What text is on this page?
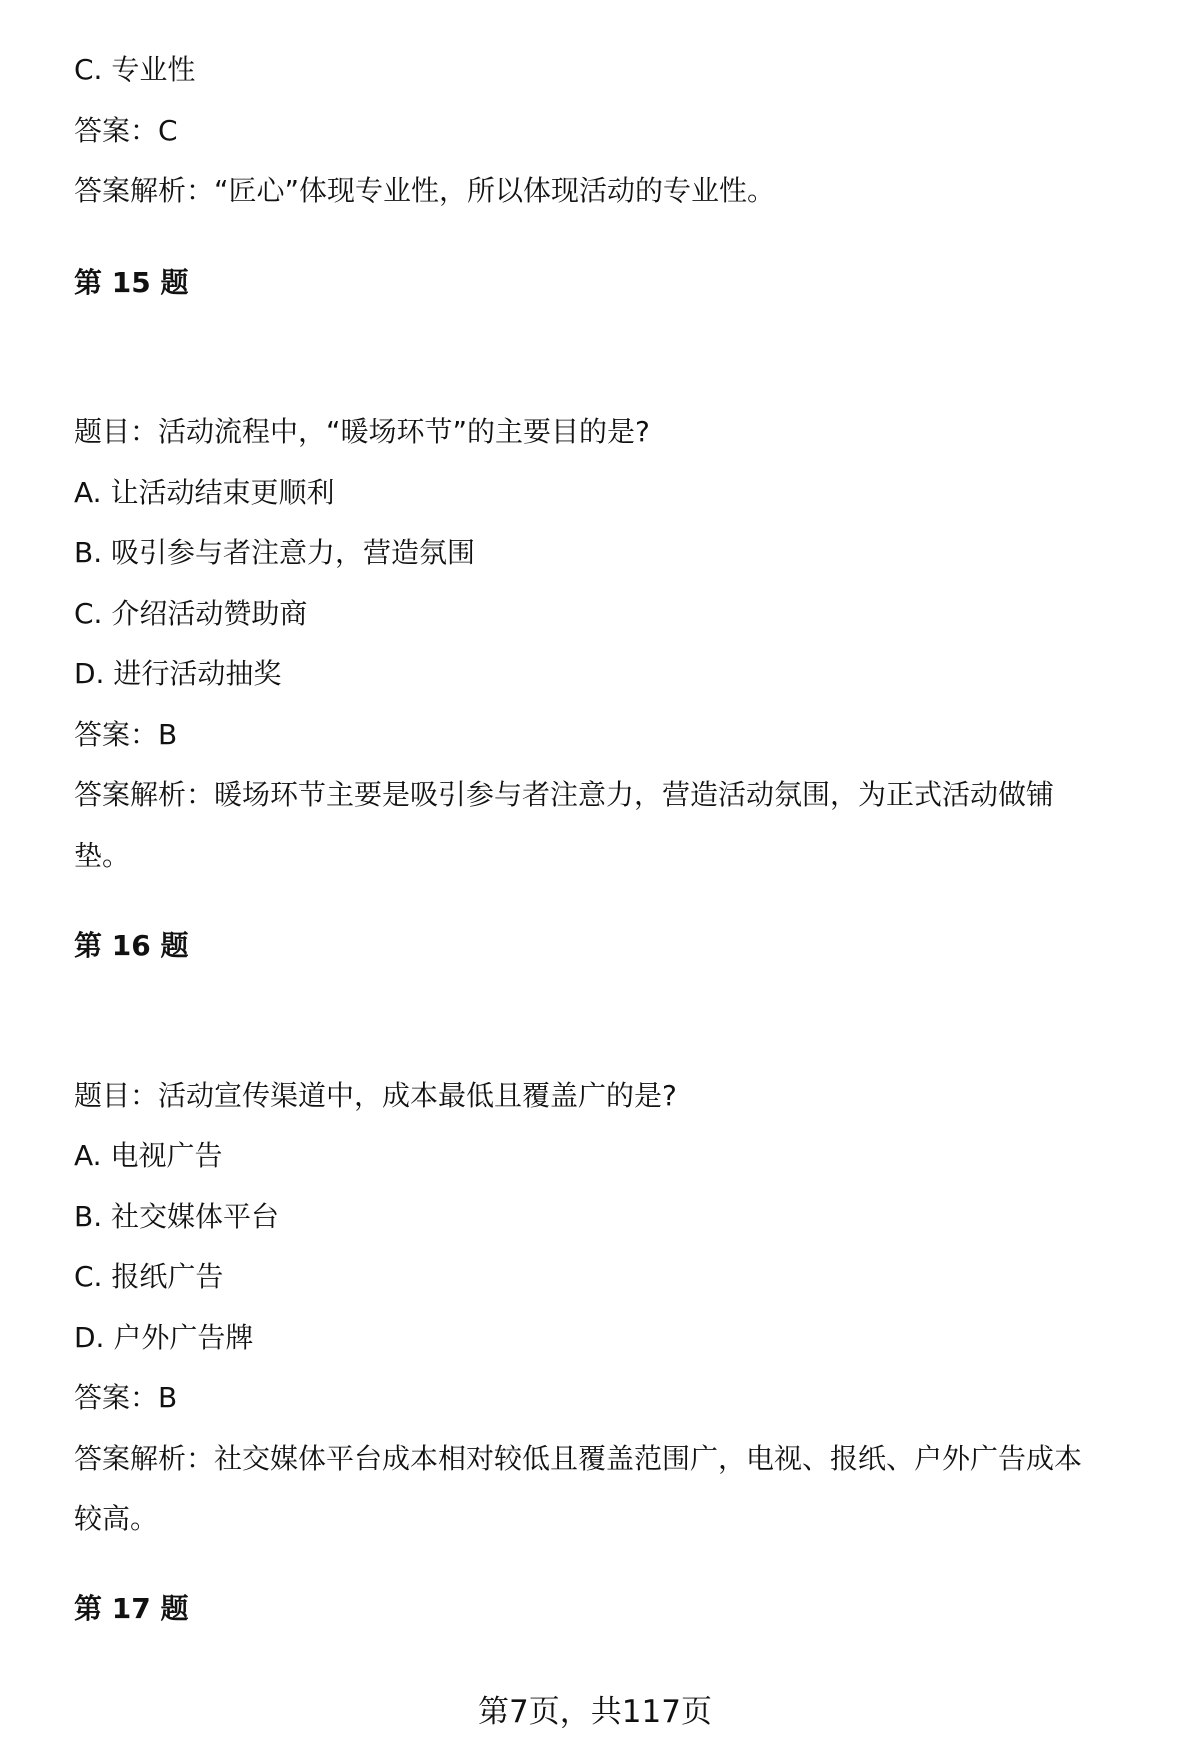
C. 专业性
答案：C
答案解析：“匠心”体现专业性，所以体现活动的专业性。
第 15 题
题目：活动流程中，“暖场环节”的主要目的是?
A. 让活动结束更顺利
B. 吸引参与者注意力，营造氛围
C. 介绍活动赞助商
D. 进行活动抽奖
答案：B
答案解析：暖场环节主要是吸引参与者注意力，营造活动氛围，为正式活动做铺
垫。
第 16 题
题目：活动宣传渠道中，成本最低且覆盖广的是?
A. 电视广告
B. 社交媒体平台
C. 报纸广告
D. 户外广告牌
答案：B
答案解析：社交媒体平台成本相对较低且覆盖范围广，电视、报纸、户外广告成本
较高。
第 17 题
第7页，共117页
